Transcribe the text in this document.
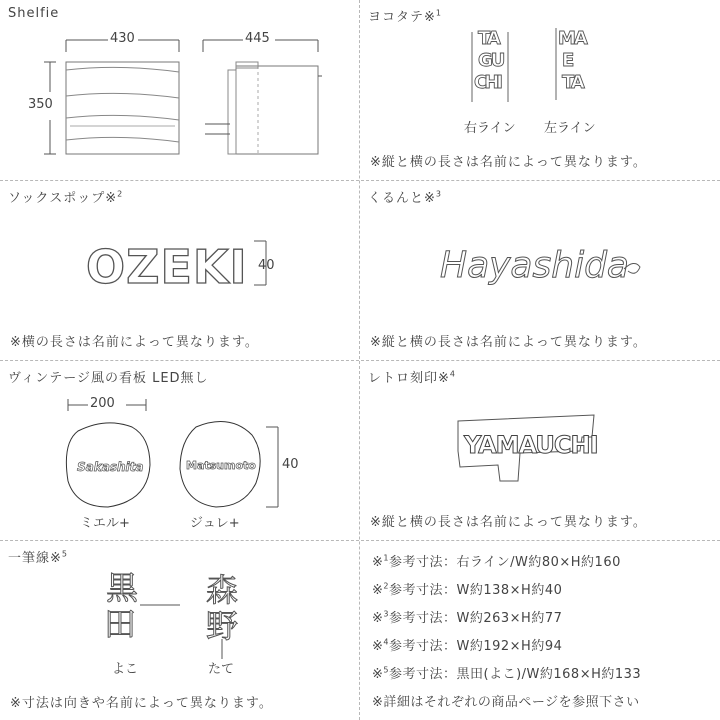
Shelfie
430	445
350
ヨコタテ※$^1$
TA
GU
CHI
MA
E
TA
右ライン 左ライン
※縦と横の長さは名前によって異なります。
ソックスポップ※$^2$
OZEKI 40
※横の長さは名前によって異なります。
くるんと※$^3$
Hayashida
※縦と横の長さは名前によって異なります。
ヴィンテージ風の看板 LED無し
Sakashita	Matsumoto
200
40
ミエル+	ジュレ+
レトロ刻印※$^4$
YAMAUCHI
※縦と横の長さは名前によって異なります。
一筆線※$^5$
黒
田
森
野
よこ	たて
※寸法は向きや名前によって異なります。
※$^1$参考寸法：右ライン/W約80×H約160
※$^2$参考寸法：W約138×H約40
※$^3$参考寸法：W約263×H約77
※$^4$参考寸法：W約192×H約94
※$^5$参考寸法：黒田(よこ)/W約168×H約133
※詳細はそれぞれの商品ページを参照下さい
